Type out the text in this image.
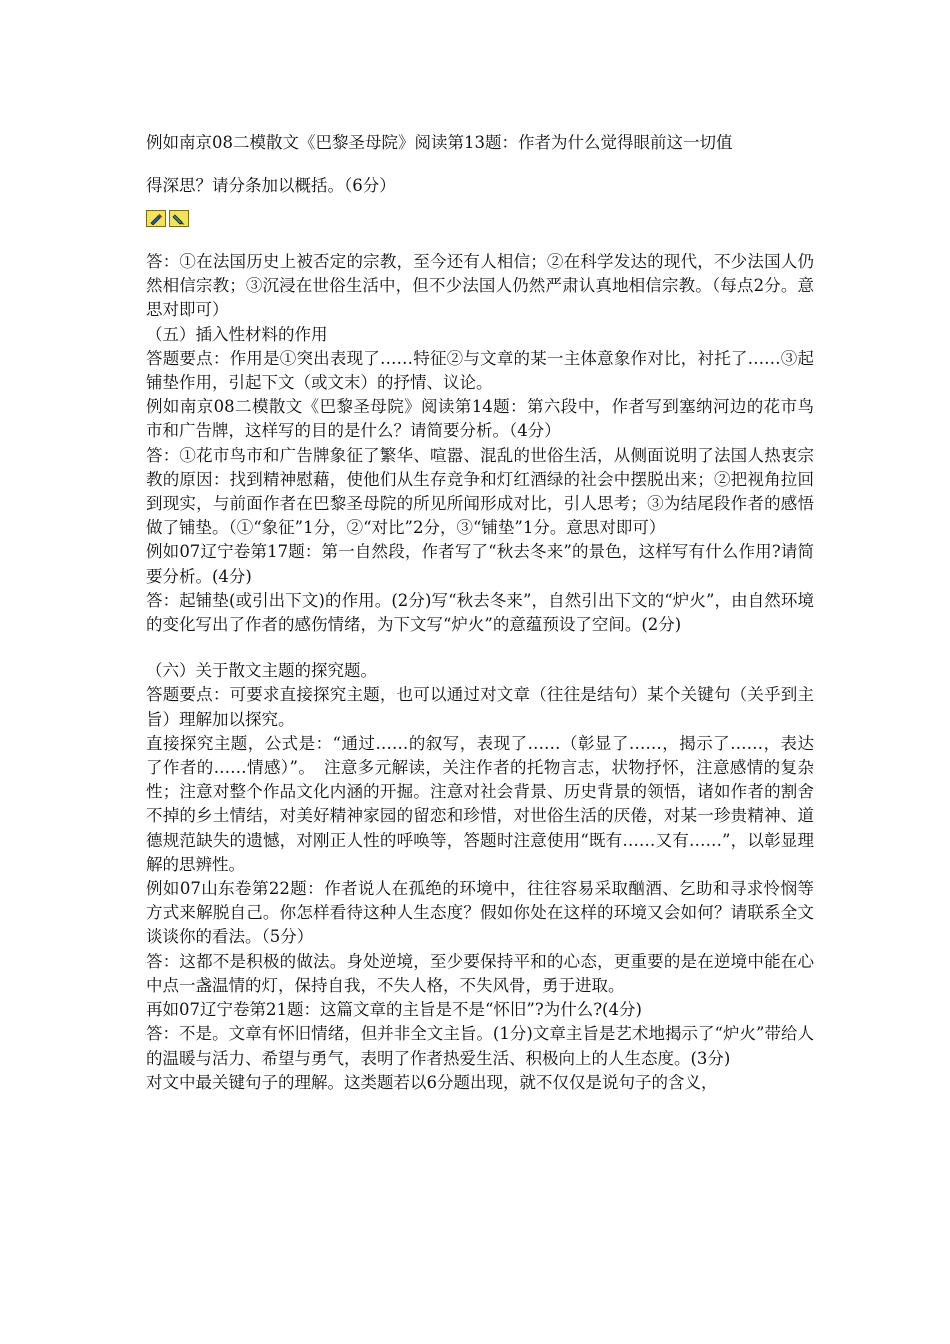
例如南京08二模散文《巴黎圣母院》阅读第13题：作者为什么觉得眼前这一切值

得深思？请分条加以概括。（6分）

答：①在法国历史上被否定的宗教，至今还有人相信；②在科学发达的现代，不少法国人仍然相信宗教；③沉浸在世俗生活中，但不少法国人仍然严肃认真地相信宗教。（每点2分。意思对即可）

（五）插入性材料的作用

答题要点：作用是①突出表现了……特征②与文章的某一主体意象作对比，衬托了……③起铺垫作用，引起下文（或文末）的抒情、议论。

例如南京08二模散文《巴黎圣母院》阅读第14题：第六段中，作者写到塞纳河边的花市鸟市和广告牌，这样写的目的是什么？请简要分析。（4分）

答：①花市鸟市和广告牌象征了繁华、喧嚣、混乱的世俗生活，从侧面说明了法国人热衷宗教的原因：找到精神慰藉，使他们从生存竞争和灯红酒绿的社会中摆脱出来；②把视角拉回到现实，与前面作者在巴黎圣母院的所见所闻形成对比，引人思考；③为结尾段作者的感悟做了铺垫。（①“象征”1分，②“对比”2分，③“铺垫”1分。意思对即可）

例如07辽宁卷第17题：第一自然段，作者写了“秋去冬来”的景色，这样写有什么作用?请简要分析。(4分)

答：起铺垫(或引出下文)的作用。(2分)写“秋去冬来”，自然引出下文的“炉火”，由自然环境的变化写出了作者的感伤情绪，为下文写“炉火”的意蕴预设了空间。(2分)

（六）关于散文主题的探究题。

答题要点：可要求直接探究主题，也可以通过对文章（往往是结句）某个关键句（关乎到主旨）理解加以探究。

直接探究主题，公式是：“通过……的叙写，表现了……（彰显了……，揭示了……，表达了作者的……情感）”。　注意多元解读，关注作者的托物言志，状物抒怀，注意感情的复杂性；注意对整个作品文化内涵的开掘。注意对社会背景、历史背景的领悟，诸如作者的割舍不掉的乡土情结，对美好精神家园的留恋和珍惜，对世俗生活的厌倦，对某一珍贵精神、道德规范缺失的遗憾，对刚正人性的呼唤等，答题时注意使用“既有……又有……”，以彰显理解的思辨性。

例如07山东卷第22题：作者说人在孤绝的环境中，往往容易采取酗酒、乞助和寻求怜悯等方式来解脱自己。你怎样看待这种人生态度？假如你处在这样的环境又会如何？请联系全文谈谈你的看法。（5分）

答：这都不是积极的做法。身处逆境，至少要保持平和的心态，更重要的是在逆境中能在心中点一盏温情的灯，保持自我，不失人格，不失风骨，勇于进取。

再如07辽宁卷第21题：这篇文章的主旨是不是“怀旧”?为什么?(4分)

答：不是。文章有怀旧情绪，但并非全文主旨。(1分)文章主旨是艺术地揭示了“炉火”带给人的温暖与活力、希望与勇气，表明了作者热爱生活、积极向上的人生态度。(3分)

对文中最关键句子的理解。这类题若以6分题出现，就不仅仅是说句子的含义，
